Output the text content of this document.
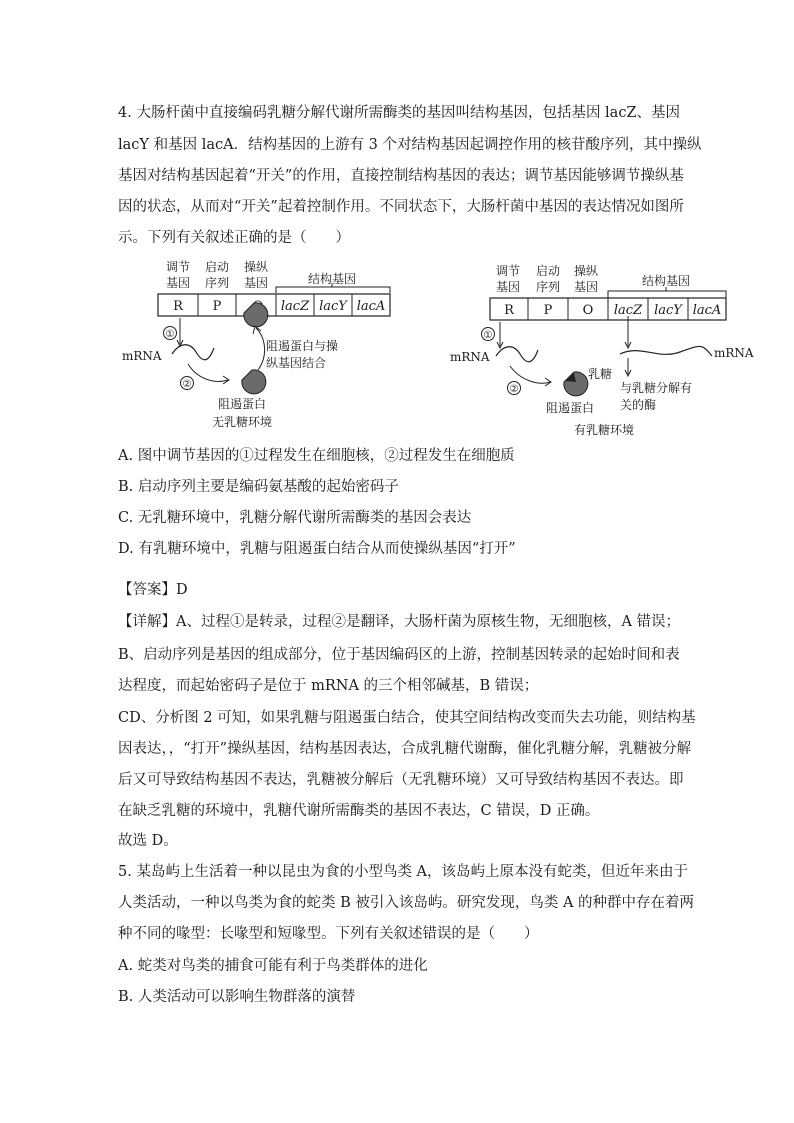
4. 大肠杆菌中直接编码乳糖分解代谢所需酶类的基因叫结构基因，包括基因 lacZ、基因
lacY 和基因 lacA．结构基因的上游有 3 个对结构基因起调控作用的核苷酸序列，其中操纵
基因对结构基因起着“开关”的作用，直接控制结构基因的表达；调节基因能够调节操纵基
因的状态，从而对“开关”起着控制作用。不同状态下，大肠杆菌中基因的表达情况如图所
示。下列有关叙述正确的是（　　）
调节
基因
启动
序列
操纵
基因	结构基因
R P	lacZ lacY lacA
①
mRNA
②
阻遏蛋白与操
纵基因结合
阻遏蛋白
无乳糖环境
调节
基因
启动
序列
操纵
基因	结构基因
R P O lacZ lacY lacA
①
mRNA
②
乳糖
阻遏蛋白
mRNA
与乳糖分解有
关的酶
有乳糖环境
A. 图中调节基因的①过程发生在细胞核，②过程发生在细胞质
B. 启动序列主要是编码氨基酸的起始密码子
C. 无乳糖环境中，乳糖分解代谢所需酶类的基因会表达
D. 有乳糖环境中，乳糖与阻遏蛋白结合从而使操纵基因“打开”
【答案】D
【详解】A、过程①是转录，过程②是翻译，大肠杆菌为原核生物，无细胞核，A 错误；
B、启动序列是基因的组成部分，位于基因编码区的上游，控制基因转录的起始时间和表
达程度，而起始密码子是位于 mRNA 的三个相邻碱基，B 错误；
CD、分析图 2 可知，如果乳糖与阻遏蛋白结合，使其空间结构改变而失去功能，则结构基
因表达，，“打开”操纵基因，结构基因表达，合成乳糖代谢酶，催化乳糖分解，乳糖被分解
后又可导致结构基因不表达，乳糖被分解后（无乳糖环境）又可导致结构基因不表达。即
在缺乏乳糖的环境中，乳糖代谢所需酶类的基因不表达，C 错误，D 正确。
故选 D。
5. 某岛屿上生活着一种以昆虫为食的小型鸟类 A，该岛屿上原本没有蛇类，但近年来由于
人类活动，一种以鸟类为食的蛇类 B 被引入该岛屿。研究发现，鸟类 A 的种群中存在着两
种不同的喙型：长喙型和短喙型。下列有关叙述错误的是（　　）
A. 蛇类对鸟类的捕食可能有利于鸟类群体的进化
B. 人类活动可以影响生物群落的演替
